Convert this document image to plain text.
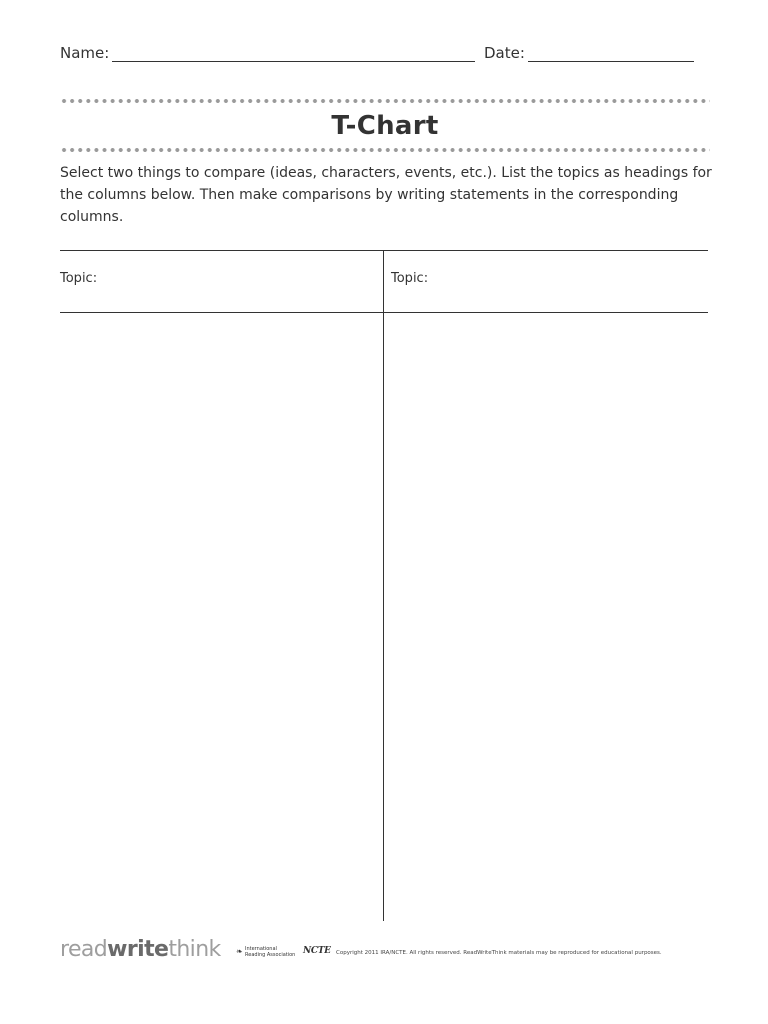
Name:	Date:
T-Chart
Select two things to compare (ideas, characters, events, etc.). List the topics as headings for the columns below. Then make comparisons by writing statements in the corresponding columns.
Topic:	Topic:
readwritethink ❧ International
Reading Association NCTE Copyright 2011 IRA/NCTE. All rights reserved. ReadWriteThink materials may be reproduced for educational purposes.
